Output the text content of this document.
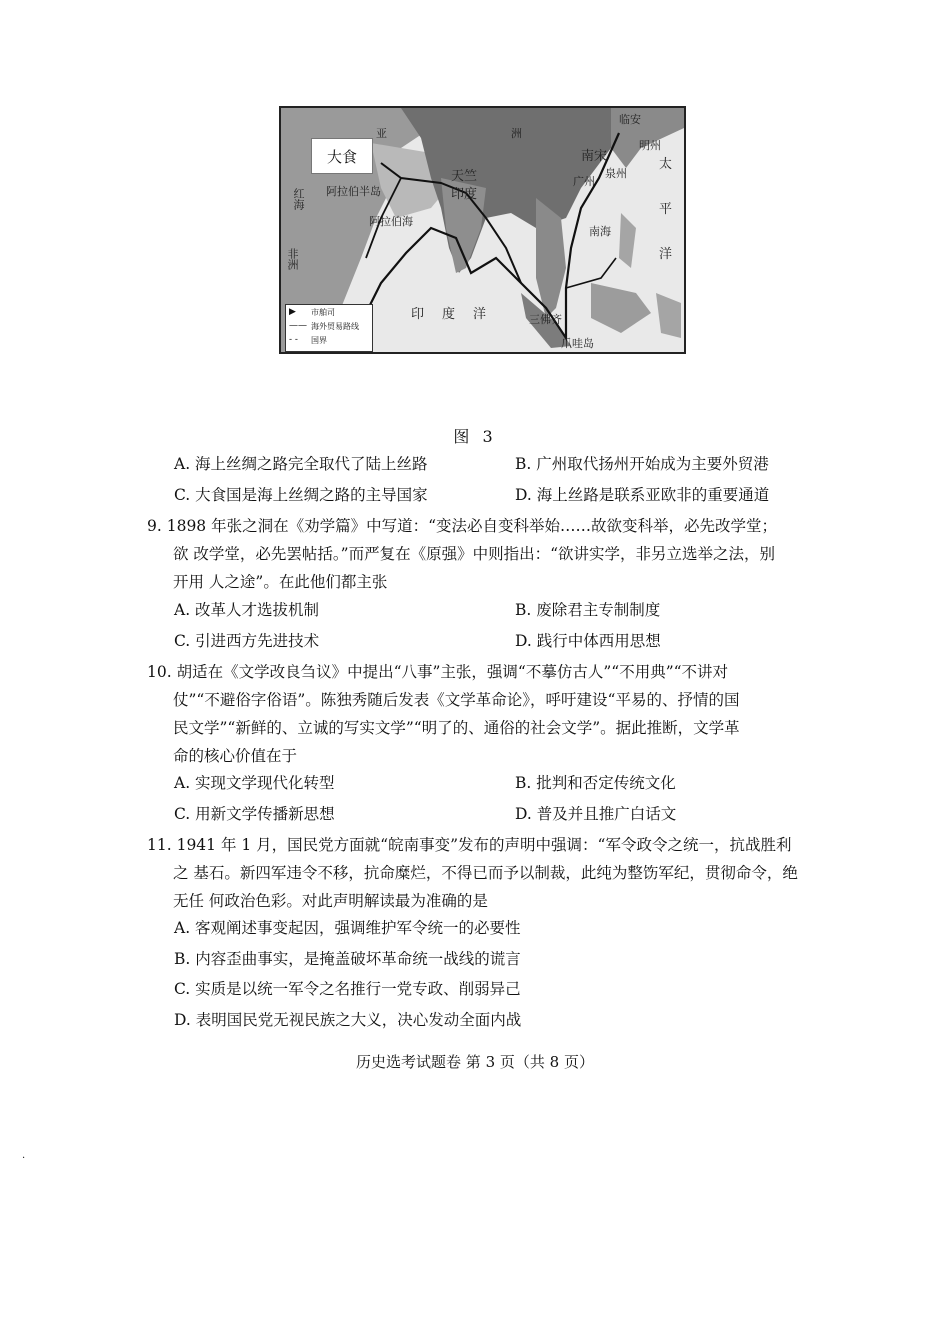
大食
阿拉伯半岛
阿拉伯海
天竺
印度
亚	洲
南宋
临安
明州
广州
泉州
南海
太
平
洋
印度洋 三佛齐
爪哇岛
红海
非洲
▶	市舶司
—— 海外贸易路线
- -	国界
图 3
A. 海上丝绸之路完全取代了陆上丝路	B. 广州取代扬州开始成为主要外贸港
C. 大食国是海上丝绸之路的主导国家	D. 海上丝路是联系亚欧非的重要通道
9. 1898 年张之洞在《劝学篇》中写道：“变法必自变科举始……故欲变科举，必先改学堂；
欲 改学堂，必先罢帖括。”而严复在《原强》中则指出：“欲讲实学，非另立选举之法，别
开用 人之途”。在此他们都主张
A. 改革人才选拔机制	B. 废除君主专制制度
C. 引进西方先进技术	D. 践行中体西用思想
10. 胡适在《文学改良刍议》中提出“八事”主张，强调“不摹仿古人”“不用典”“不讲对
仗”“不避俗字俗语”。陈独秀随后发表《文学革命论》，呼吁建设“平易的、抒情的国
民文学”“新鲜的、立诚的写实文学”“明了的、通俗的社会文学”。据此推断，文学革
命的核心价值在于
A. 实现文学现代化转型	B. 批判和否定传统文化
C. 用新文学传播新思想	D. 普及并且推广白话文
11. 1941 年 1 月，国民党方面就“皖南事变”发布的声明中强调：“军令政令之统一，抗战胜利
之 基石。新四军违令不移，抗命糜烂，不得已而予以制裁，此纯为整饬军纪，贯彻命令，绝
无任 何政治色彩。对此声明解读最为准确的是
A. 客观阐述事变起因，强调维护军令统一的必要性
B. 内容歪曲事实，是掩盖破坏革命统一战线的谎言
C. 实质是以统一军令之名推行一党专政、削弱异己
D. 表明国民党无视民族之大义，决心发动全面内战
历史选考试题卷 第 3 页（共 8 页）
.
